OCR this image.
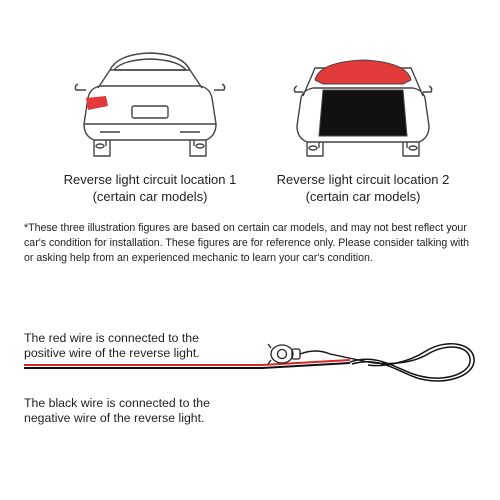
Reverse light circuit location 1
(certain car models)
Reverse light circuit location 2
(certain car models)
*These three illustration figures are based on certain car models, and may not best reflect your car's condition for installation. These figures are for reference only. Please consider talking with or asking help from an experienced mechanic to learn your car's condition.
The red wire is connected to the
positive wire of the reverse light.
The black wire is connected to the
negative wire of the reverse light.
